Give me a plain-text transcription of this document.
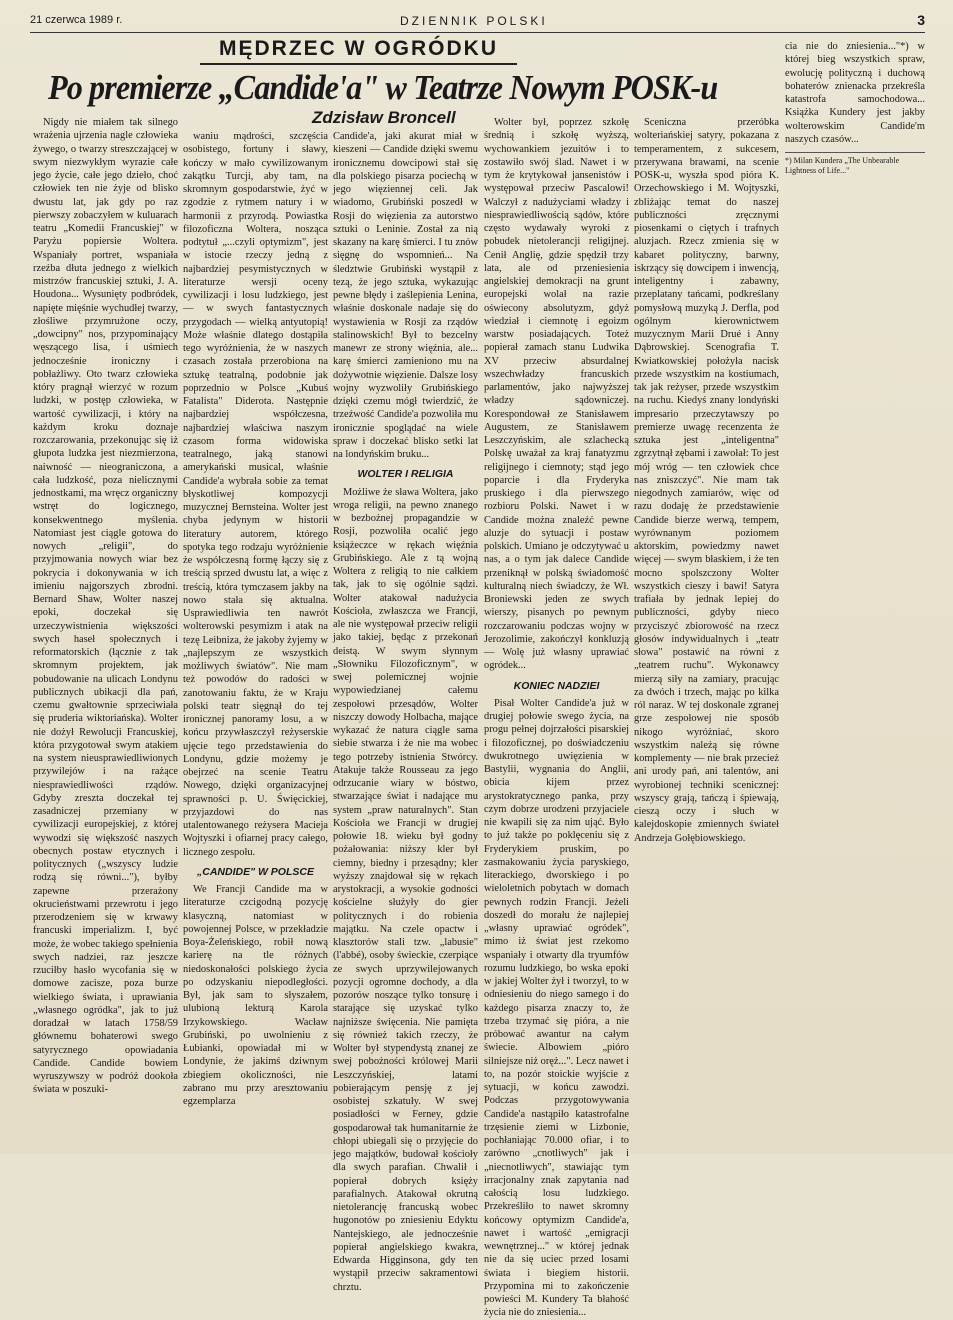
21 czerwca 1989 r.	DZIENNIK POLSKI	3
MĘDRZEC W OGRÓDKU
Po premierze „Candide'a" w Teatrze Nowym POSK-u
Zdzisław Broncell

Nigdy nie miałem tak silnego wrażenia ujrzenia nagle człowieka żywego, o twarzy streszczającej w swym niezwykłym wyrazie całe jego życie, całe jego dzieło, choć człowiek ten nie żyje od blisko dwustu lat, jak gdy po raz pierwszy zobaczyłem w kuluarach teatru „Komedii Francuskiej" w Paryżu popiersie Woltera. Wspaniały portret, wspaniała rzeźba dłuta jednego z wielkich mistrzów francuskiej sztuki, J. A. Houdona... Wysunięty podbródek, napięte mięśnie wychudłej twarzy, złośliwe przymrużone oczy, „dowcipny" nos, przypominający węszącego lisa, i uśmiech jednocześnie ironiczny i pobłażliwy. Oto twarz człowieka który pragnął wierzyć w rozum ludzki, w postęp człowieka, w wartość cywilizacji, i który na każdym kroku doznaje rozczarowania, przekonując się iż głupota ludzka jest niezmierzona, naiwność — nieograniczona, a cała ludzkość, poza nielicznymi jednostkami, ma wręcz organiczny wstręt do logicznego, konsekwentnego myślenia. Natomiast jest ciągle gotowa do nowych „religii", do przyjmowania nowych wiar bez pokrycia i dokonywania w ich imieniu najgorszych zbrodni. Bernard Shaw, Wolter naszej epoki, doczekał się urzeczywistnienia większości swych haseł społecznych i reformatorskich (łącznie z tak skromnym projektem, jak pobudowanie na ulicach Londynu publicznych ubikacji dla pań, czemu gwałtownie sprzeciwiała się pruderia wiktoriańska). Wolter nie dożył Rewolucji Francuskiej, która przygotował swym atakiem na system nieusprawiedliwionych przywilejów i na rażące niesprawiedliwości rządów. Gdyby zreszta doczekał tej zasadniczej przemiany w cywilizacji europejskiej, z której wywodzi się większość naszych obecnych postaw etycznych i politycznych („wszyscy ludzie rodzą się równi..."), byłby zapewne przerażony okrucieństwami przewrotu i jego przerodzeniem się w krwawy francuski imperializm. I, być może, że wobec takiego spełnienia swych nadziei, raz jeszcze rzuciłby hasło wycofania się w domowe zacisze, poza burze wielkiego świata, i uprawiania „własnego ogródka", jak to już doradzał w latach 1758/59 głównemu bohaterowi swego satyrycznego opowiadania Candide. Candide bowiem wyruszywszy w podróż dookoła świata w poszuki-

waniu mądrości, szczęścia osobistego, fortuny i sławy, kończy w mało cywilizowanym zakątku Turcji, aby tam, na skromnym gospodarstwie, żyć w zgodzie z rytmem natury i w harmonii z przyrodą. Powiastka filozoficzna Woltera, nosząca podtytuł „...czyli optymizm", jest w istocie rzeczy jedną z najbardziej pesymistycznych w literaturze wersji oceny cywilizacji i losu ludzkiego, jest — w swych fantastycznych przygodach — wielką antyutopią! Może właśnie dlatego dostąpiła tego wyróżnienia, że w naszych czasach została przerobiona na sztukę teatralną, podobnie jak poprzednio w Polsce „Kubuś Fatalista" Diderota. Następnie najbardziej współczesna, najbardziej właściwa naszym czasom forma widowiska teatralnego, jaką stanowi amerykański musical, właśnie Candide'a wybrała sobie za temat błyskotliwej kompozycji muzycznej Bernsteina. Wolter jest chyba jedynym w historii literatury autorem, którego spotyka tego rodzaju wyróżnienie że współczesną formę łączy się z treścią sprzed dwustu lat, a więc z treścią, która tymczasem jakby na nowo stała się aktualna. Usprawiedliwia ten nawrót wolterowski pesymizm i atak na tezę Leibniza, że jakoby żyjemy w „najlepszym ze wszystkich możliwych światów". Nie mam też powodów do radości w zanotowaniu faktu, że w Kraju polski teatr sięgnął do tej ironicznej panoramy losu, a w końcu przywłaszczył reżyserskie ujęcie tego przedstawienia do Londynu, gdzie możemy je obejrzeć na scenie Teatru Nowego, dzięki organizacyjnej sprawności p. U. Święcickiej, przyjazdowi do nas utalentowanego reżysera Macieja Wojtyszki i ofiarnej pracy całego, licznego zespołu.

„CANDIDE" W POLSCE

We Francji Candide ma w literaturze czcigodną pozycję klasyczną, natomiast w powojennej Polsce, w przekładzie Boya-Żeleńskiego, robił nową karierę na tle różnych niedoskonałości polskiego życia po odzyskaniu niepodległości. Był, jak sam to słyszałem, ulubioną lekturą Karola Irzykowskiego. Wacław Grubiński, po uwolnieniu z Łubianki, opowiadał mi w Londynie, że jakimś dziwnym zbiegiem okoliczności, nie zabrano mu przy aresztowaniu egzemplarza

Candide'a, jaki akurat miał w kieszeni — Candide dzięki swemu ironicznemu dowcipowi stał się dla polskiego pisarza pociechą w jego więziennej celi. Jak wiadomo, Grubiński poszedł w Rosji do więzienia za autorstwo sztuki o Leninie. Został za nią skazany na karę śmierci. I tu znów sięgnę do wspomnień... Na śledztwie Grubiński wystąpił z tezą, że jego sztuka, wykazując pewne błędy i zaślepienia Lenina, właśnie doskonale nadaje się do wystawienia w Rosji za rządów stalinowskich! Był to bezcelny manewr ze strony więźnia, ale... karę śmierci zamieniono mu na dożywotnie więzienie. Dalsze losy wojny wyzwoliły Grubińskiego dzięki czemu mógł twierdzić, że trzeźwość Candide'a pozwoliła mu ironicznie spoglądać na wiele spraw i doczekać blisko setki lat na londyńskim bruku...

WOLTER I RELIGIA

Możliwe że sława Woltera, jako wroga religii, na pewno znanego w bezbożnej propagandzie w Rosji, pozwoliła ocalić jego książeczce w rękach więźnia Grubińskiego. Ale z tą wojną Woltera z religią to nie całkiem tak, jak to się ogólnie sądzi. Wolter atakował nadużycia Kościoła, zwłaszcza we Francji, ale nie występował przeciw religii jako takiej, będąc z przekonań deistą. W swym słynnym „Słowniku Filozoficznym", w swej polemicznej wojnie wypowiedzianej całemu zespołowi przesądów, Wolter niszczy dowody Holbacha, mające wykazać że natura ciągle sama siebie stwarza i że nie ma wobec tego potrzeby istnienia Stwórcy. Atakuje także Rousseau za jego odrzucanie wiary w bóstwo, stwarzające świat i nadające mu system „praw naturalnych". Stan Kościoła we Francji w drugiej połowie 18. wieku był godny pożałowania: niższy kler był ciemny, biedny i przesądny; kler wyższy znajdował się w rękach arystokracji, a wysokie godności kościelne służyły do gier politycznych i do robienia majątku. Na czele opactw i klasztorów stali tzw. „labusie" (l'abbé), osoby świeckie, czerpiące ze swych uprzywilejowanych pozycji ogromne dochody, a dla pozorów noszące tylko tonsurę i starające się uzyskać tylko najniższe święcenia. Nie pamięta się również takich rzeczy, że Wolter był stypendystą znanej ze swej pobożności królowej Marii Leszczyńskiej, latami pobierającym pensję z jej osobistej szkatuły. W swej posiadłości w Ferney, gdzie gospodarował tak humanitarnie że chłopi ubiegali się o przyjęcie do jego majątków, budował kościoły dla swych parafian. Chwalił i popierał dobrych księży parafialnych. Atakował okrutną nietolerancję francuską wobec hugonotów po zniesieniu Edyktu Nantejskiego, ale jednocześnie popierał angielskiego kwakra, Edwarda Higginsona, gdy ten wystąpił przeciw sakramentowi chrztu.

Wolter był, poprzez szkołę średnią i szkołę wyższą, wychowankiem jezuitów i to zostawiło swój ślad. Nawet i w tym że krytykował jansenistów i występował przeciw Pascalowi! Walczył z nadużyciami władzy i niesprawiedliwością sądów, które często wydawały wyroki z pobudek nietolerancji religijnej. Cenił Anglię, gdzie spędził trzy lata, ale od przeniesienia angielskiej demokracji na grunt europejski wolał na razie oświecony absolutyzm, gdyż wiedział i ciemnotę i egoizm warstw posiadających. Toteż popierał zamach stanu Ludwika XV przeciw absurdalnej wszechwładzy francuskich parlamentów, jako najwyższej władzy sądowniczej. Korespondował ze Stanisławem Augustem, ze Stanisławem Leszczyńskim, ale szlachecką Polskę uważał za kraj fanatyzmu religijnego i ciemnoty; stąd jego poparcie i dla Fryderyka pruskiego i dla pierwszego rozbioru Polski. Nawet i w Candide można znaleźć pewne aluzje do sytuacji i postaw polskich. Umiano je odczytywać u nas, a o tym jak dalece Candide przeniknął w polską świadomość kulturalną niech świadczy, że Wł. Broniewski jeden ze swych wierszy, pisanych po pewnym rozczarowaniu podczas wojny w Jerozolimie, zakończył konkluzją — Wolę już własny uprawiać ogródek...

KONIEC NADZIEI

Pisał Wolter Candide'a już w drugiej połowie swego życia, na progu pełnej dojrzałości pisarskiej i filozoficznej, po doświadczeniu dwukrotnego uwięzienia w Bastylii, wygnania do Anglii, obicia kijem przez arystokratycznego panka, przy czym dobrze urodzeni przyjaciele nie kwapili się za nim ująć. Było to już także po poklęceniu się z Fryderykiem pruskim, po zasmakowaniu życia paryskiego, literackiego, dworskiego i po wieloletnich pobytach w domach pewnych rodzin Francji. Jeżeli doszedł do morału że najlepiej „własny uprawiać ogródek", mimo iż świat jest rzekomo wspaniały i otwarty dla tryumfów rozumu ludzkiego, bo wska epoki w jakiej Wolter żył i tworzył, to w odniesieniu do niego samego i do każdego pisarza znaczy to, że trzeba trzymać się pióra, a nie próbować awantur na całym świecie. Albowiem „pióro silniejsze niż oręż...". Lecz nawet i to, na pozór stoickie wyjście z sytuacji, w końcu zawodzi. Podczas przygotowywania Candide'a nastąpiło katastrofalne trzęsienie ziemi w Lizbonie, pochłaniając 70.000 ofiar, i to zarówno „cnotliwych" jak i „niecnotliwych", stawiając tym irracjonalny znak zapytania nad całością losu ludzkiego. Przekreśliło to nawet skromny końcowy optymizm Candide'a, nawet i wartość „emigracji wewnętrznej..." w której jednak nie da się uciec przed losami świata i biegiem historii. Przypomina mi to zakończenie powieści M. Kundery Ta błahość życia nie do zniesienia...

Sceniczna przeróbka wolteriańskiej satyry, pokazana z temperamentem, z sukcesem, przerywana brawami, na scenie POSK-u, wyszła spod pióra K. Orzechowskiego i M. Wojtyszki, zbliżając temat do naszej publiczności zręcznymi piosenkami o ciętych i trafnych aluzjach. Rzecz zmienia się w kabaret polityczny, barwny, iskrzący się dowcipem i inwencją, inteligentny i zabawny, przeplatany tańcami, podkreślany pomysłową muzyką J. Derfla, pod ogólnym kierownictwem muzycznym Marii Drué i Anny Dąbrowskiej. Scenografia T. Kwiatkowskiej położyła nacisk przede wszystkim na kostiumach, tak jak reżyser, przede wszystkim na ruchu. Kiedyś znany londyński impresario przeczytawszy po premierze uwagę recenzenta że sztuka jest „inteligentna" zgrzytnął zębami i zawołał: To jest mój wróg — ten człowiek chce nas zniszczyć". Nie mam tak niegodnych zamiarów, więc od razu dodaję że przedstawienie Candide bierze werwą, tempem, wyrównanym poziomem aktorskim, powiedzmy nawet więcej — swym błaskiem, i że ten mocno spolszczony Wolter wszystkich cieszy i bawi! Satyra trafiała by jednak lepiej do publiczności, gdyby nieco przyciszyć zbiorowość na rzecz głosów indywidualnych i „teatr słowa" postawić na równi z „teatrem ruchu". Wykonawcy mierzą siły na zamiary, pracując za dwóch i trzech, mając po kilka ról naraz. W tej doskonale zgranej grze zespołowej nie sposób nikogo wyróżniać, skoro wszystkim należą się równe komplementy — nie brak przecież ani urody pań, ani talentów, ani wyrobionej techniki scenicznej: wszyscy grają, tańczą i śpiewają, cieszą oczy i słuch w kalejdoskopie zmiennych świateł Andrzeja Gołębiowskiego.

cia nie do zniesienia..."*) w której bieg wszystkich spraw, ewolucję polityczną i duchową bohaterów znienacka przekreśla katastrofa samochodowa... Książka Kundery jest jakby wolterowskim Candide'm naszych czasów...

*) Milan Kundera „The Unbearable Lightness of Life..."
